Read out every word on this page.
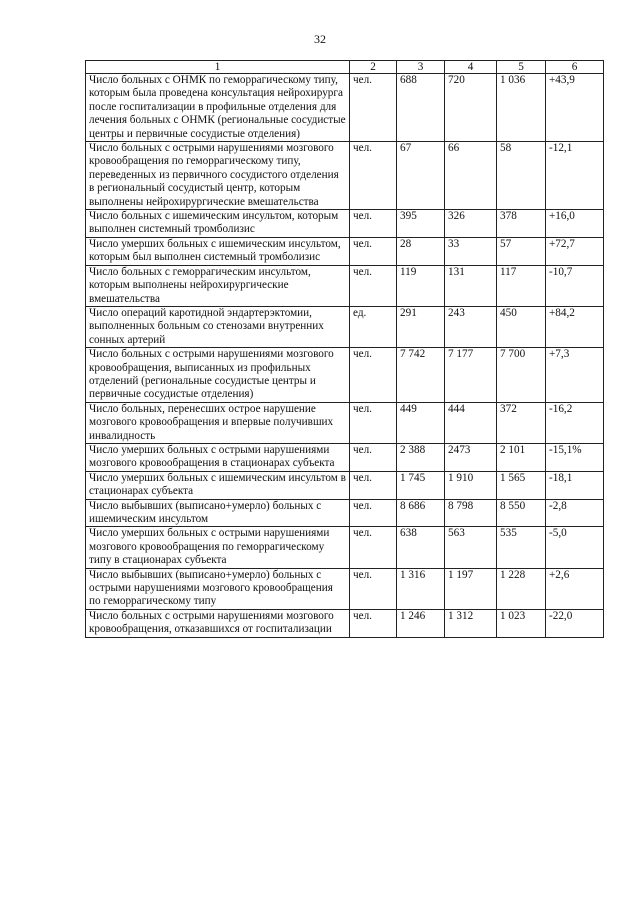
32
1	2	3	4	5	6
Число больных с ОНМК по геморрагическому типу, которым была проведена консультация нейрохирурга после госпитализации в профильные отделения для лечения больных с ОНМК (региональные сосудистые центры и первичные сосудистые отделения)	чел.	688	720	1 036	+43,9
Число больных с острыми нарушениями мозгового кровообращения по геморрагическому типу, переведенных из первичного сосудистого отделения в региональный сосудистый центр, которым выполнены нейрохирургические вмешательства	чел.	67	66	58	-12,1
Число больных с ишемическим инсультом, которым выполнен системный тромболизис	чел.	395	326	378	+16,0
Число умерших больных с ишемическим инсультом, которым был выполнен системный тромболизис	чел.	28	33	57	+72,7
Число больных с геморрагическим инсультом, которым выполнены нейрохирургические вмешательства	чел.	119	131	117	-10,7
Число операций каротидной эндартерэктомии, выполненных больным со стенозами внутренних сонных артерий	ед.	291	243	450	+84,2
Число больных с острыми нарушениями мозгового кровообращения, выписанных из профильных отделений (региональные сосудистые центры и первичные сосудистые отделения)	чел.	7 742	7 177	7 700	+7,3
Число больных, перенесших острое нарушение мозгового кровообращения и впервые получивших инвалидность	чел.	449	444	372	-16,2
Число умерших больных с острыми нарушениями мозгового кровообращения в стационарах субъекта	чел.	2 388	2473	2 101	-15,1%
Число умерших больных с ишемическим инсультом в стационарах субъекта	чел.	1 745	1 910	1 565	-18,1
Число выбывших (выписано+умерло) больных с ишемическим инсультом	чел.	8 686	8 798	8 550	-2,8
Число умерших больных с острыми нарушениями мозгового кровообращения по геморрагическому типу в стационарах субъекта	чел.	638	563	535	-5,0
Число выбывших (выписано+умерло) больных с острыми нарушениями мозгового кровообращения по геморрагическому типу	чел.	1 316	1 197	1 228	+2,6
Число больных с острыми нарушениями мозгового кровообращения, отказавшихся от госпитализации	чел.	1 246	1 312	1 023	-22,0
